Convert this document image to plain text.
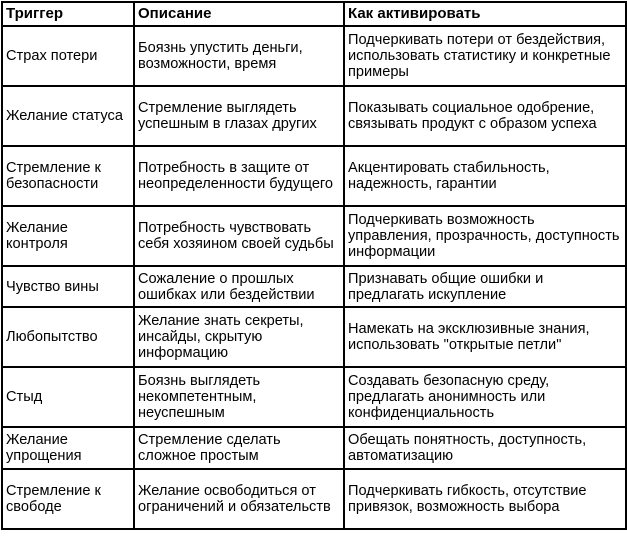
Триггер	Описание	Как активировать

Страх потери	Боязнь упустить деньги, возможности, время	Подчеркивать потери от бездействия, использовать статистику и конкретные примеры

Желание статуса	Стремление выглядеть успешным в глазах других	Показывать социальное одобрение, связывать продукт с образом успеха

Стремление к безопасности	Потребность в защите от неопределенности будущего	Акцентировать стабильность, надежность, гарантии

Желание контроля	Потребность чувствовать себя хозяином своей судьбы	Подчеркивать возможность управления, прозрачность, доступность информации

Чувство вины	Сожаление о прошлых ошибках или бездействии	Признавать общие ошибки и предлагать искупление

Любопытство	Желание знать секреты, инсайды, скрытую информацию	Намекать на эксклюзивные знания, использовать "открытые петли"

Стыд	Боязнь выглядеть некомпетентным, неуспешным	Создавать безопасную среду, предлагать анонимность или конфиденциальность

Желание упрощения	Стремление сделать сложное простым	Обещать понятность, доступность, автоматизацию

Стремление к свободе	Желание освободиться от ограничений и обязательств	Подчеркивать гибкость, отсутствие привязок, возможность выбора
